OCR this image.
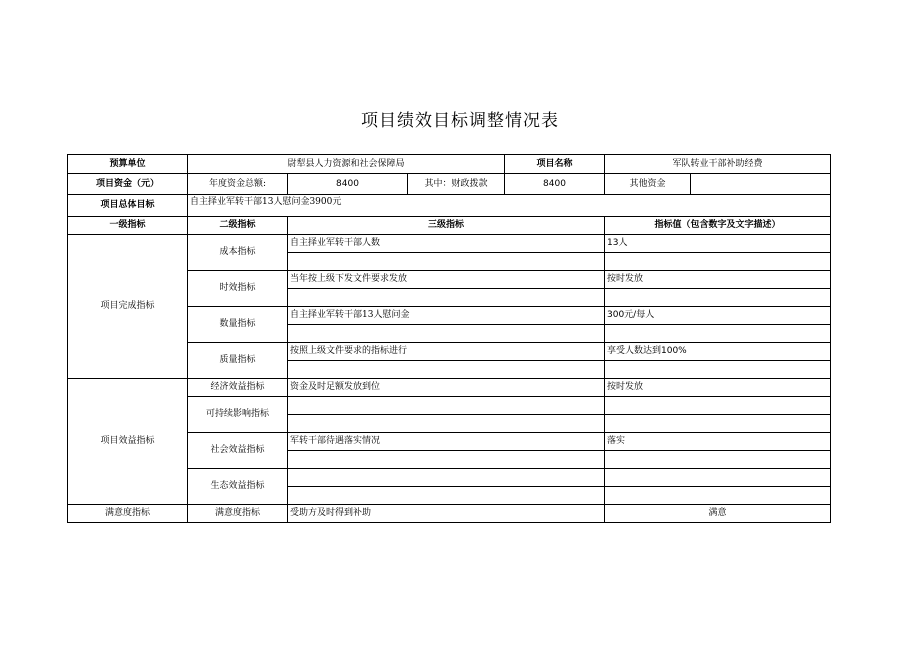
项目绩效目标调整情况表
预算单位	尉犁县人力资源和社会保障局			项目名称	军队转业干部补助经费	
项目资金（元）	年度资金总额:	8400	其中：财政拨款	8400	其他资金	
项目总体目标	自主择业军转干部13人慰问金3900元					
一级指标	二级指标	三级指标			指标值（包含数字及文字描述）	
项目完成指标	成本指标	自主择业军转干部人数			13人	

	时效指标	当年按上级下发文件要求发放			按时发放	

	数量指标	自主择业军转干部13人慰问金			300元/每人	

	质量指标	按照上级文件要求的指标进行			享受人数达到100%	

项目效益指标	经济效益指标	资金及时足额发放到位			按时发放	
	可持续影响指标					

	社会效益指标	军转干部待遇落实情况			落实	

	生态效益指标					

满意度指标	满意度指标	受助方及时得到补助			满意	
